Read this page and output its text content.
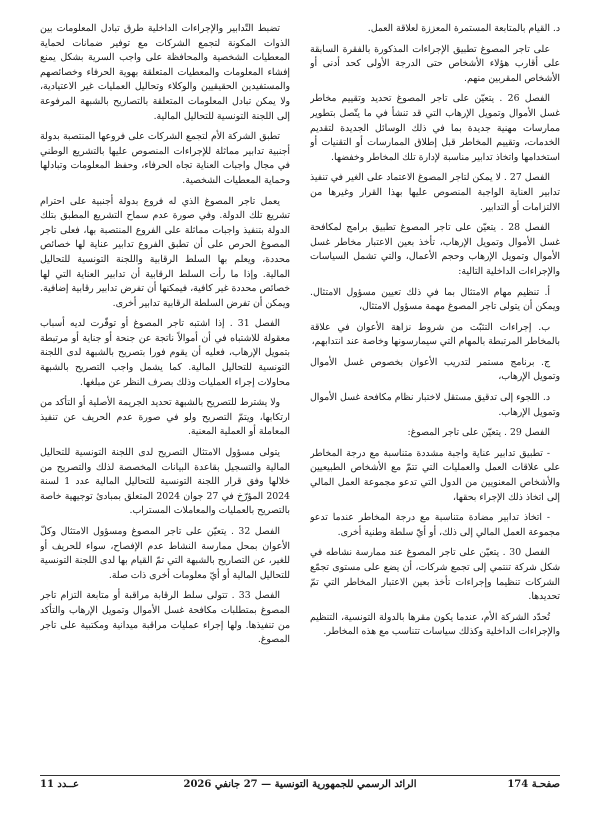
د. القيام بالمتابعة المستمرة المعززة لعلاقة العمل.

على تاجر المصوغ تطبيق الإجراءات المذكورة بالفقرة السابقة على أقارب هؤلاء الأشخاص حتى الدرجة الأولى كحد أدنى أو الأشخاص المقربين منهم.

الفصل 26 . يتعيّن على تاجر المصوغ تحديد وتقييم مخاطر غسل الأموال وتمويل الإرهاب التي قد تنشأ في ما يتّصل بتطوير ممارسات مهنية جديدة بما في ذلك الوسائل الجديدة لتقديم الخدمات، وتقييم المخاطر قبل إطلاق الممارسات أو التقنيات أو استخدامها واتخاذ تدابير مناسبة لإدارة تلك المخاطر وخفضها.

الفصل 27 . لا يمكن لتاجر المصوغ الاعتماد على الغير في تنفيذ تدابير العناية الواجبة المنصوص عليها بهذا القرار وغيرها من الالتزامات أو التدابير.

الفصل 28 . يتعيّن على تاجر المصوغ تطبيق برامج لمكافحة غسل الأموال وتمويل الإرهاب، تأخذ بعين الاعتبار مخاطر غسل الأموال وتمويل الإرهاب وحجم الأعمال، والتي تشمل السياسات والإجراءات الداخلية التالية:

أ. تنظيم مهام الامتثال بما في ذلك تعيين مسؤول الامتثال. ويمكن أن يتولى تاجر المصوغ مهمة مسؤول الامتثال،

ب. إجراءات التثبّت من شروط نزاهة الأعوان في علاقة بالمخاطر المرتبطة بالمهام التي سيمارسونها وخاصة عند انتدابهم،

ج. برنامج مستمر لتدريب الأعوان بخصوص غسل الأموال وتمويل الإرهاب،

د. اللجوء إلى تدقيق مستقل لاختبار نظام مكافحة غسل الأموال وتمويل الإرهاب.

الفصل 29 . يتعيّن على تاجر المصوغ:

- تطبيق تدابير عناية واجبة مشددة متناسبة مع درجة المخاطر على علاقات العمل والعمليات التي تتمّ مع الأشخاص الطبيعيين والأشخاص المعنويين من الدول التي تدعو مجموعة العمل المالي إلى اتخاذ ذلك الإجراء بحقها،

- اتخاذ تدابير مضادة متناسبة مع درجة المخاطر عندما تدعو مجموعة العمل المالي إلى ذلك، أو أيّ سلطة وطنية أخرى.

الفصل 30 . يتعيّن على تاجر المصوغ عند ممارسة نشاطه في شكل شركة تنتمي إلى تجمع شركات، أن يضع على مستوى تجمّع الشركات تنظيما وإجراءات تأخذ بعين الاعتبار المخاطر التي تمّ تحديدها.

تُحدّد الشركة الأم، عندما يكون مقرها بالدولة التونسية، التنظيم والإجراءات الداخلية وكذلك سياسات تتناسب مع هذه المخاطر.

تضبط التّدابير والإجراءات الداخلية طرق تبادل المعلومات بين الذوات المكونة لتجمع الشركات مع توفير ضمانات لحماية المعطيات الشخصية والمحافظة على واجب السرية بشكل يمنع إفشاء المعلومات والمعطيات المتعلقة بهوية الحرفاء وخصائصهم والمستفيدين الحقيقيين والوكلاء وتحاليل العمليات غير الاعتيادية، ولا يمكن تبادل المعلومات المتعلقة بالتصاريح بالشبهة المرفوعة إلى اللجنة التونسية للتحاليل المالية.

تطبق الشركة الأم لتجمع الشركات على فروعها المنتصبة بدولة أجنبية تدابير مماثلة للإجراءات المنصوص عليها بالتشريع الوطني في مجال واجبات العناية تجاه الحرفاء، وحفظ المعلومات وتبادلها وحماية المعطيات الشخصية.

يعمل تاجر المصوغ الذي له فروع بدولة أجنبية على احترام تشريع تلك الدولة. وفي صورة عدم سماح التشريع المطبق بتلك الدولة بتنفيذ واجبات مماثلة على الفروع المنتصبة بها، فعلى تاجر المصوغ الحرص على أن تطبق الفروع تدابير عناية لها خصائص محددة، ويعلم بها السلط الرقابية واللجنة التونسية للتحاليل المالية. وإذا ما رأت السلط الرقابية أن تدابير العناية التي لها خصائص محددة غير كافية، فيمكنها أن تفرض تدابير رقابية إضافية. ويمكن أن تفرض السلطة الرقابية تدابير أخرى.

الفصل 31 . إذا اشتبه تاجر المصوغ أو توفّرت لديه أسباب معقولة للاشتباه في أن أموالاً ناتجة عن جنحة أو جناية أو مرتبطة بتمويل الإرهاب، فعليه أن يقوم فورا بتصريح بالشبهة لدى اللجنة التونسية للتحاليل المالية. كما يشمل واجب التصريح بالشبهة محاولات إجراء العمليات وذلك بصرف النظر عن مبلغها.

ولا يشترط للتصريح بالشبهة تحديد الجريمة الأصلية أو التأكد من ارتكابها، ويتمّ التصريح ولو في صورة عدم الحريف عن تنفيذ المعاملة أو العملية المعنية.

يتولى مسؤول الامتثال التصريح لدى اللجنة التونسية للتحاليل المالية والتسجيل بقاعدة البيانات المخصصة لذلك والتصريح من خلالها وفق قرار اللجنة التونسية للتحاليل المالية عدد 1 لسنة 2024 المؤرّخ في 27 جوان 2024 المتعلق بمبادئ توجيهية خاصة بالتصريح بالعمليات والمعاملات المستراب.

الفصل 32 . يتعيّن على تاجر المصوغ ومسؤول الامتثال وكلّ الأعوان بمحل ممارسة النشاط عدم الإفصاح، سواء للحريف أو للغير، عن التصاريح بالشبهة التي تمّ القيام بها لدى اللجنة التونسية للتحاليل المالية أو أيّ معلومات أخرى ذات صلة.

الفصل 33 . تتولى سلط الرقابة مراقبة أو متابعة التزام تاجر المصوغ بمتطلبات مكافحة غسل الأموال وتمويل الإرهاب والتأكد من تنفيذها. ولها إجراء عمليات مراقبة ميدانية ومكتبية على تاجر المصوغ.

صفحـة 174
الرائد الرسمي للجمهورية التونسية — 27 جانفي 2026
عــدد 11
